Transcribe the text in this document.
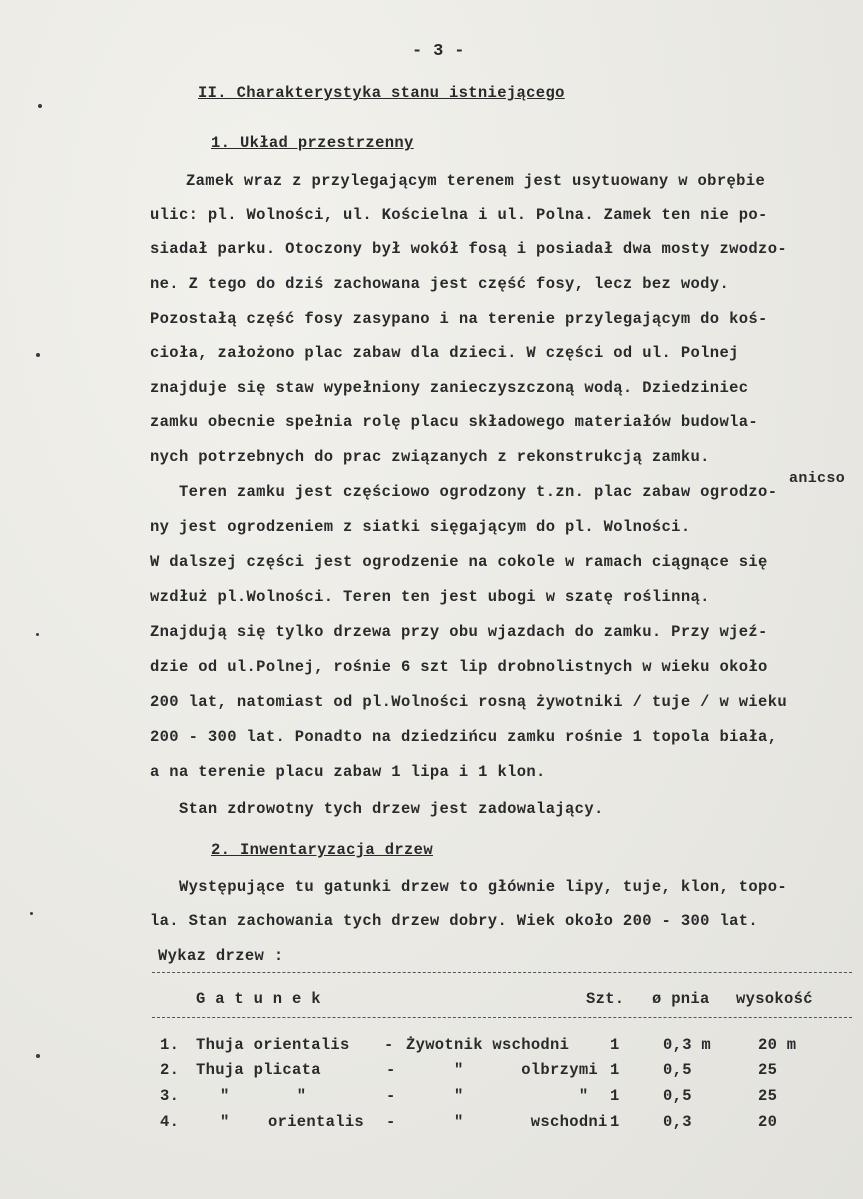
- 3 -
II. Charakterystyka stanu istniejącego
1. Układ przestrzenny
Zamek wraz z przylegającym terenem jest usytuowany w obrębie
ulic: pl. Wolności, ul. Kościelna i ul. Polna. Zamek ten nie po-
siadał parku. Otoczony był wokół fosą i posiadał dwa mosty zwodzo-
ne. Z tego do dziś zachowana jest część fosy, lecz bez wody.
Pozostałą część fosy zasypano i na terenie przylegającym do koś-
cioła, założono plac zabaw dla dzieci. W części od ul. Polnej
znajduje się staw wypełniony zanieczyszczoną wodą. Dziedziniec
zamku obecnie spełnia rolę placu składowego materiałów budowla-
nych potrzebnych do prac związanych z rekonstrukcją zamku.
anicso
Teren zamku jest częściowo ogrodzony t.zn. plac zabaw ogrodzo-
ny jest ogrodzeniem z siatki sięgającym do pl. Wolności.
W dalszej części jest ogrodzenie na cokole w ramach ciągnące się
wzdłuż pl.Wolności. Teren ten jest ubogi w szatę roślinną.
Znajdują się tylko drzewa przy obu wjazdach do zamku. Przy wjeź-
dzie od ul.Polnej, rośnie 6 szt lip drobnolistnych w wieku około
200 lat, natomiast od pl.Wolności rosną żywotniki / tuje / w wieku
200 - 300 lat. Ponadto na dziedzińcu zamku rośnie 1 topola biała,
a na terenie placu zabaw 1 lipa i 1 klon.
Stan zdrowotny tych drzew jest zadowalający.
2. Inwentaryzacja drzew
Występujące tu gatunki drzew to głównie lipy, tuje, klon, topo-
la. Stan zachowania tych drzew dobry. Wiek około 200 - 300 lat.
Wykaz drzew :
G a t u n e k	Szt. ø pnia wysokość
1. Thuja orientalis - Żywotnik wschodni	1	0,3 m	20 m
2. Thuja plicata	-	"      olbrzymi 1	0,5	25
3.	"       "	-	"            " 1	0,5	25
4.	"    orientalis -	"       wschodni 1	0,3	20
